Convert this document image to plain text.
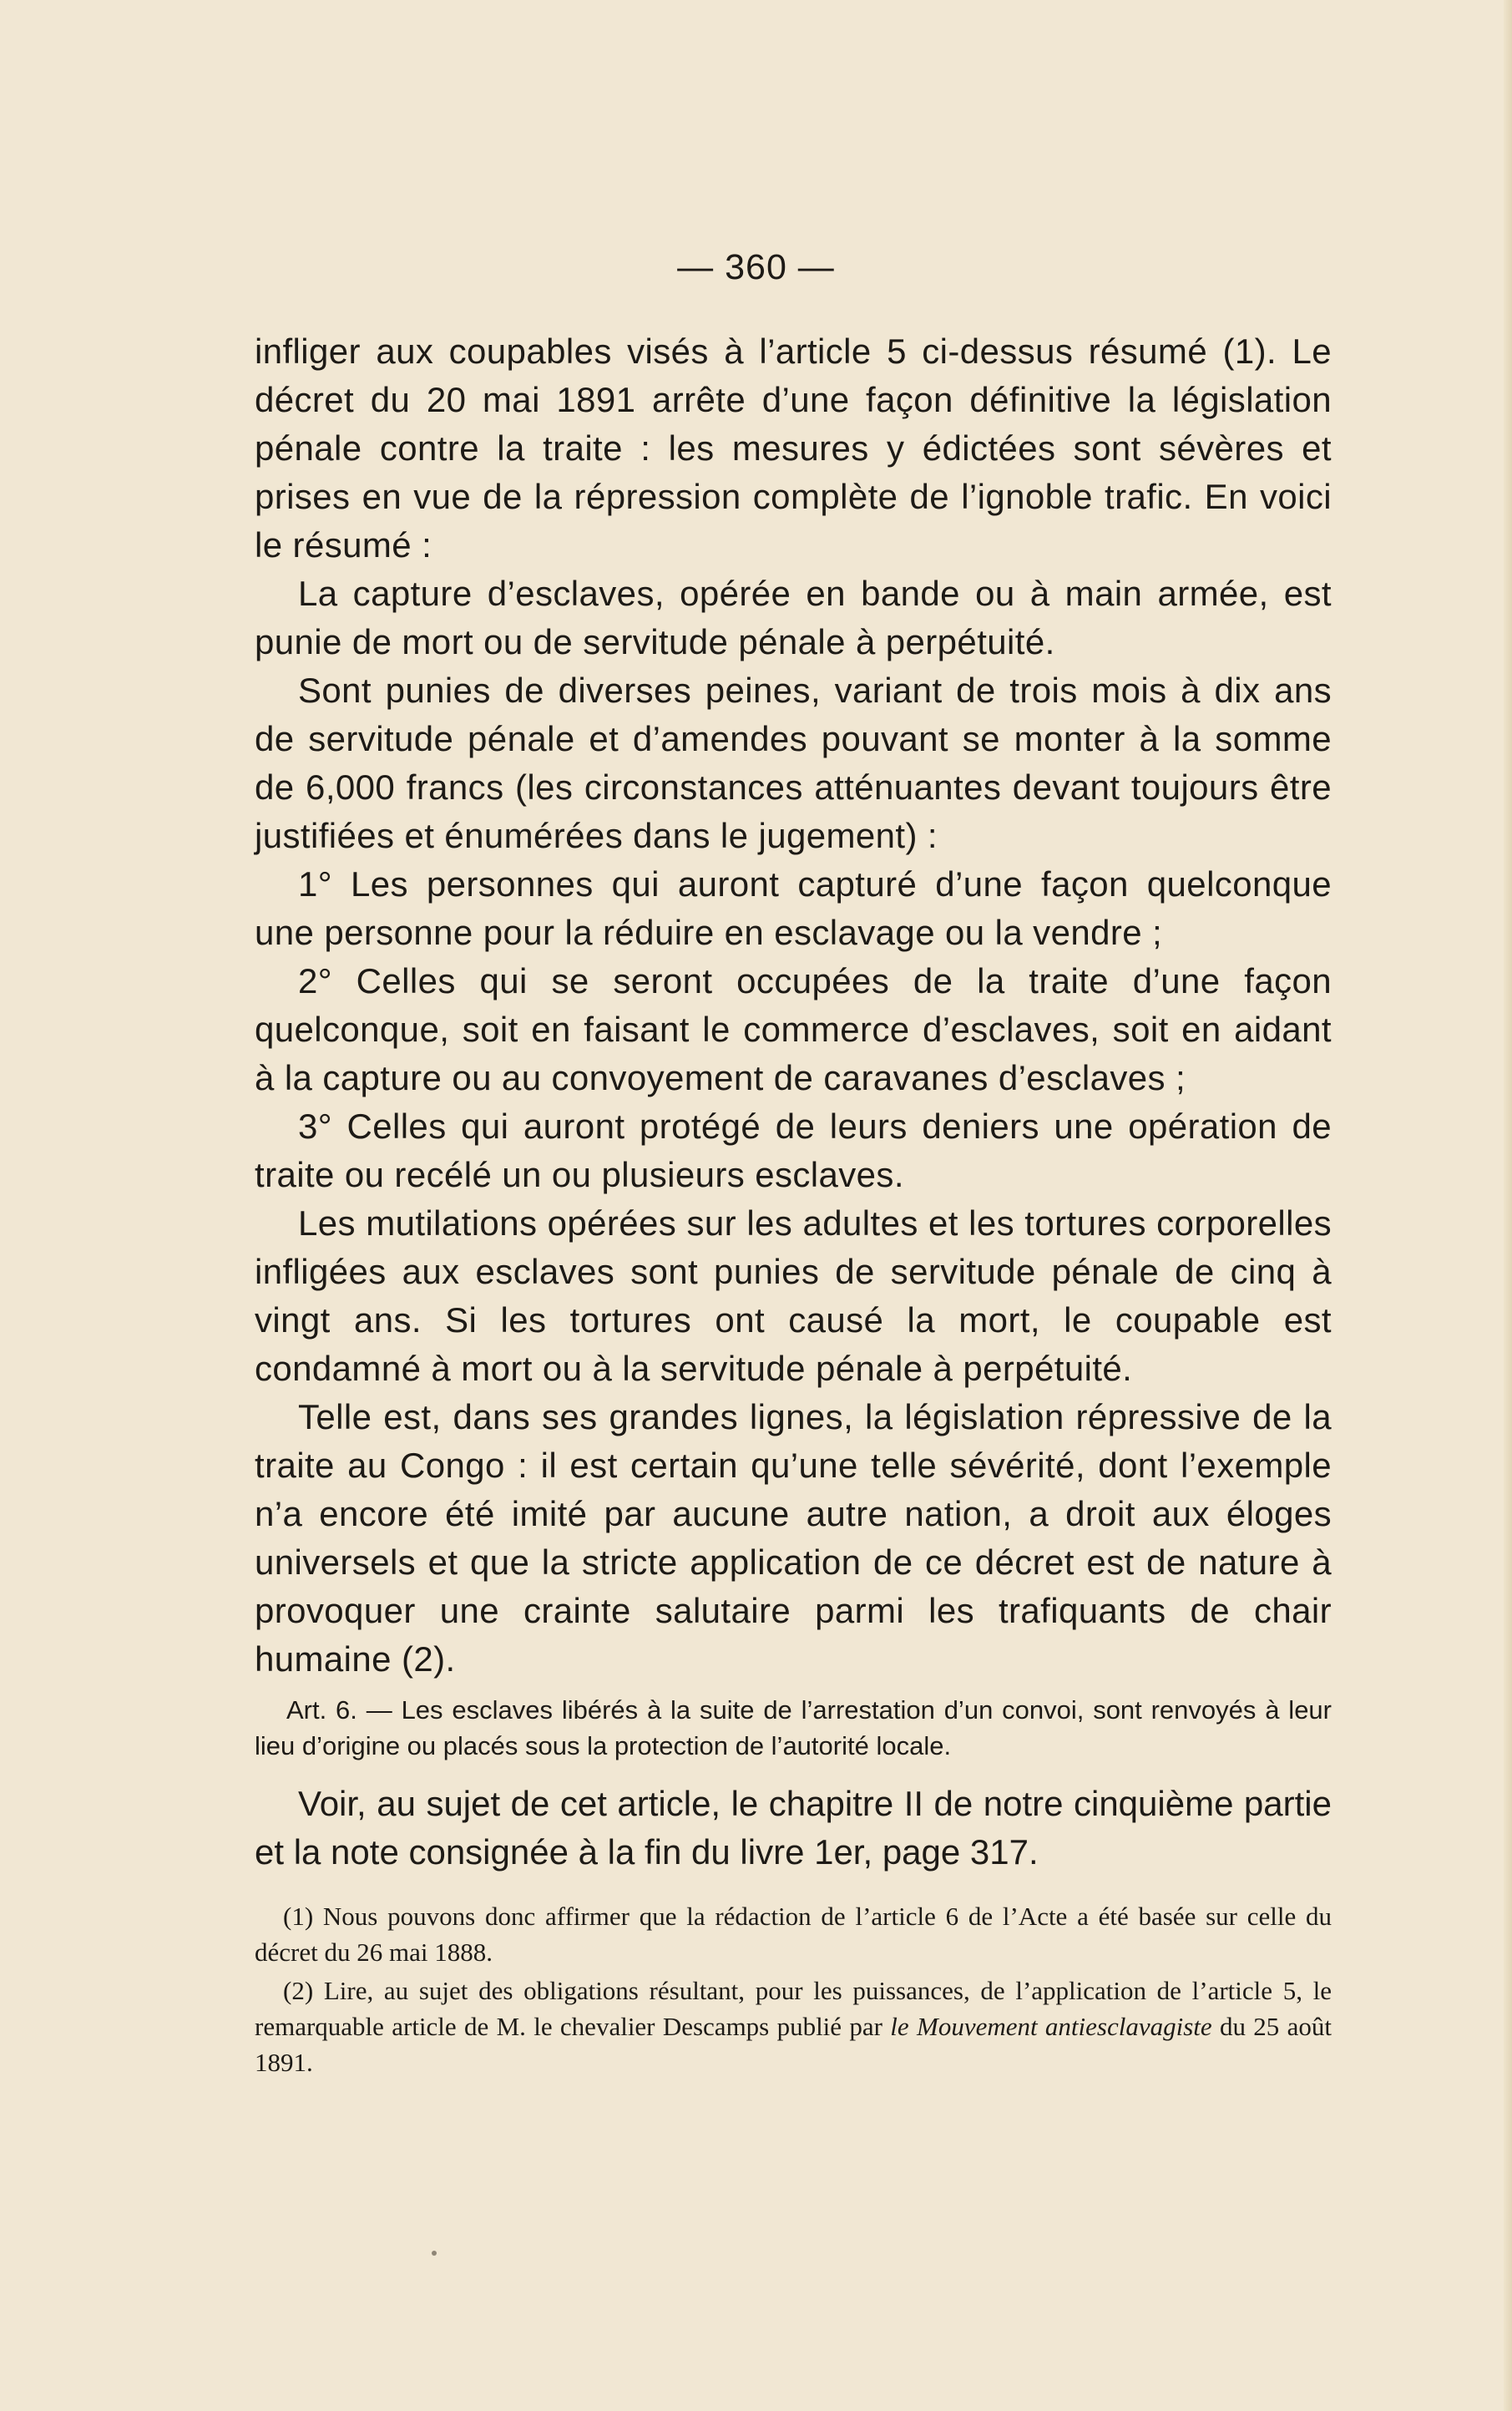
— 360 —

infliger aux coupables visés à l’article 5 ci-dessus résumé (1). Le décret du 20 mai 1891 arrête d’une façon définitive la législation pénale contre la traite : les mesures y édictées sont sévères et prises en vue de la répression complète de l’ignoble trafic. En voici le résumé :

La capture d’esclaves, opérée en bande ou à main armée, est punie de mort ou de servitude pénale à perpétuité.

Sont punies de diverses peines, variant de trois mois à dix ans de servitude pénale et d’amendes pouvant se monter à la somme de 6,000 francs (les circonstances atténuantes devant toujours être justifiées et énumérées dans le jugement) :

1° Les personnes qui auront capturé d’une façon quelconque une personne pour la réduire en esclavage ou la vendre ;

2° Celles qui se seront occupées de la traite d’une façon quelconque, soit en faisant le commerce d’esclaves, soit en aidant à la capture ou au convoyement de caravanes d’esclaves ;

3° Celles qui auront protégé de leurs deniers une opération de traite ou recélé un ou plusieurs esclaves.

Les mutilations opérées sur les adultes et les tortures corporelles infligées aux esclaves sont punies de servitude pénale de cinq à vingt ans. Si les tortures ont causé la mort, le coupable est condamné à mort ou à la servitude pénale à perpétuité.

Telle est, dans ses grandes lignes, la législation répressive de la traite au Congo : il est certain qu’une telle sévérité, dont l’exemple n’a encore été imité par aucune autre nation, a droit aux éloges universels et que la stricte application de ce décret est de nature à provoquer une crainte salutaire parmi les trafiquants de chair humaine (2).

Art. 6. — Les esclaves libérés à la suite de l’arrestation d’un convoi, sont renvoyés à leur lieu d’origine ou placés sous la protection de l’autorité locale.

Voir, au sujet de cet article, le chapitre II de notre cinquième partie et la note consignée à la fin du livre 1er, page 317.

(1) Nous pouvons donc affirmer que la rédaction de l’article 6 de l’Acte a été basée sur celle du décret du 26 mai 1888.

(2) Lire, au sujet des obligations résultant, pour les puissances, de l’application de l’article 5, le remarquable article de M. le chevalier Descamps publié par le Mouvement antiesclavagiste du 25 août 1891.
